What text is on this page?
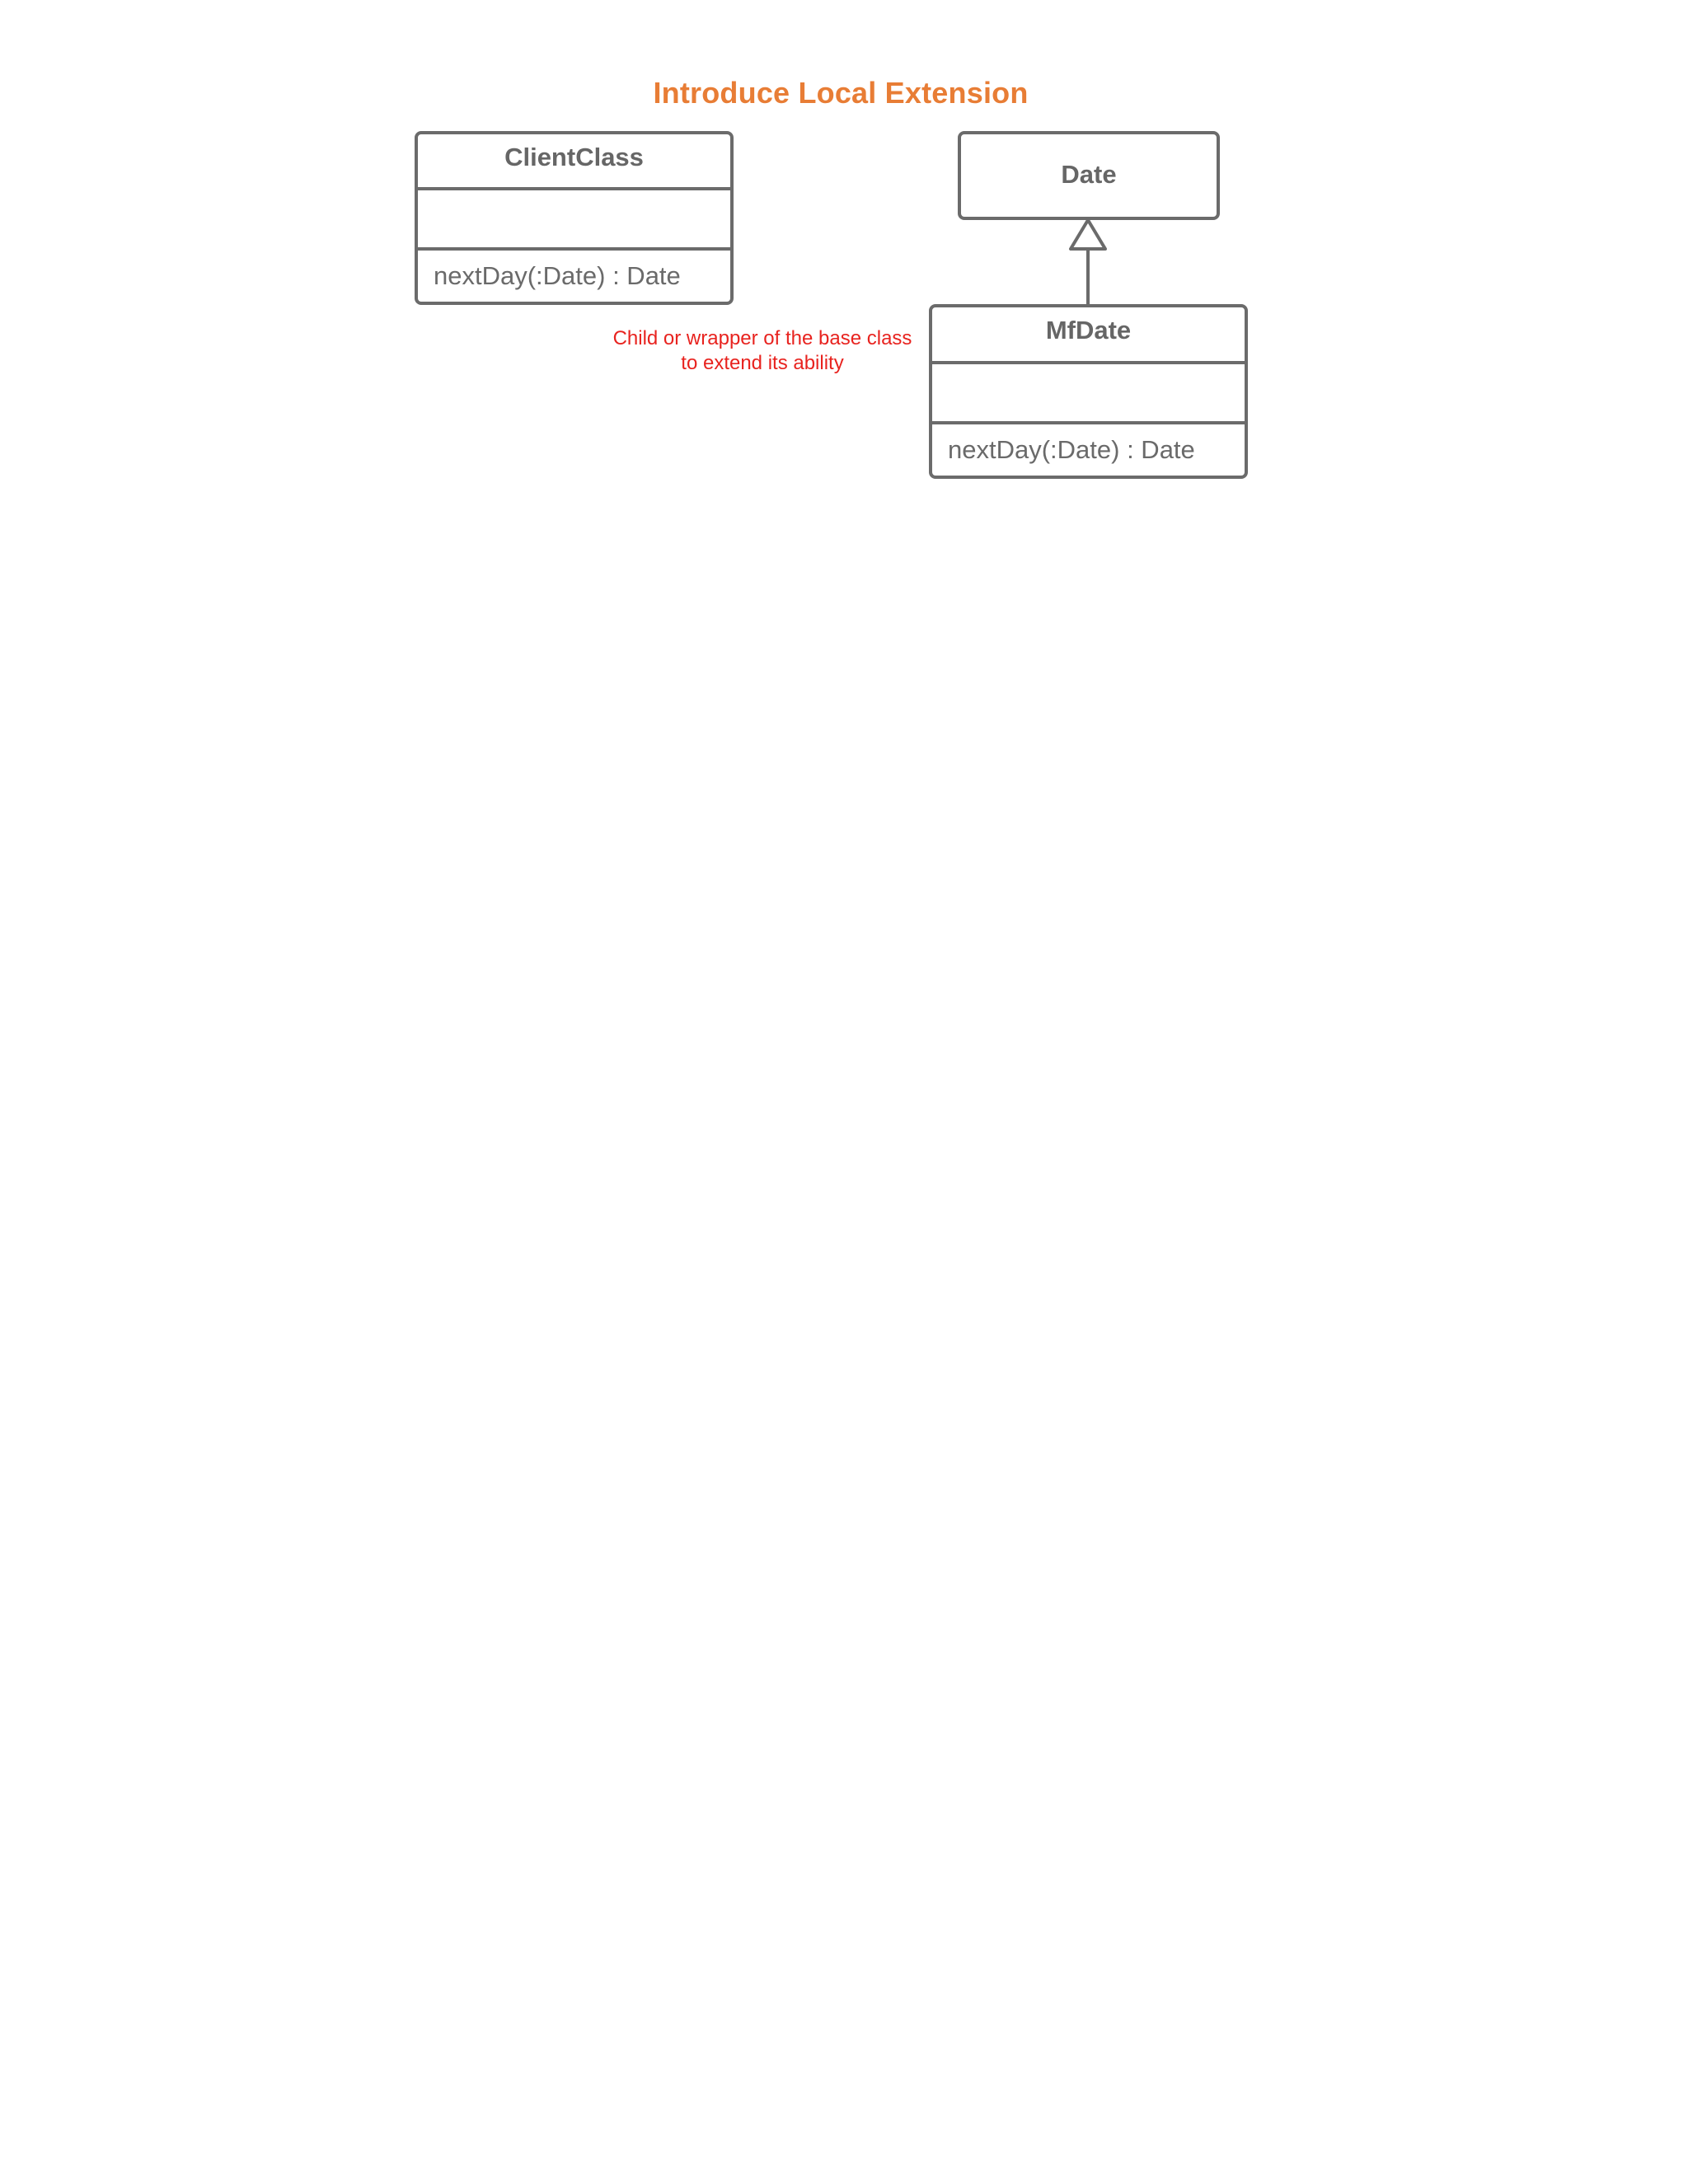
Introduce Local Extension
ClientClass
nextDay(:Date) : Date
Date
MfDate
nextDay(:Date) : Date
Child or wrapper of the base class
to extend its ability
